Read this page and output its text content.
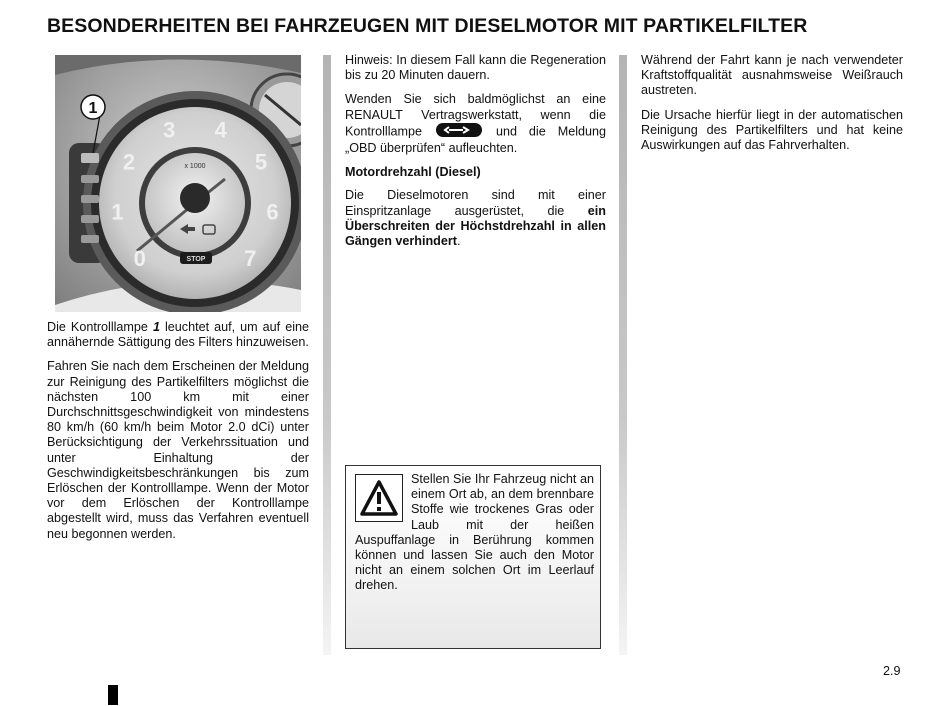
BESONDERHEITEN BEI FAHRZEUGEN MIT DIESELMOTOR MIT PARTIKELFILTER
0
1
2
3 4
5
6
7
x 1000
STOP
1

Die Kontrolllampe 1 leuchtet auf, um auf eine annähernde Sättigung des Filters hinzuweisen.

Fahren Sie nach dem Erscheinen der Meldung zur Reinigung des Partikelfilters möglichst die nächsten 100 km mit einer Durchschnittsgeschwindigkeit von mindestens 80 km/h (60 km/h beim Motor 2.0 dCi) unter Berücksichtigung der Verkehrssituation und unter Einhaltung der Geschwindigkeitsbeschränkungen bis zum Erlöschen der Kontrolllampe. Wenn der Motor vor dem Erlöschen der Kontrolllampe abgestellt wird, muss das Verfahren eventuell neu begonnen werden.

Hinweis: In diesem Fall kann die Regeneration bis zu 20 Minuten dauern.

Wenden Sie sich baldmöglichst an eine RENAULT Vertragswerkstatt, wenn die Kontrolllampe	und die Meldung „OBD überprüfen“ aufleuchten.

Motordrehzahl (Diesel)

Die Dieselmotoren sind mit einer Einspritzanlage ausgerüstet, die ein Überschreiten der Höchstdrehzahl in allen Gängen verhindert.

Stellen Sie Ihr Fahrzeug nicht an einem Ort ab, an dem brennbare Stoffe wie trockenes Gras oder Laub mit der heißen Auspuffanlage in Berührung kommen können und lassen Sie auch den Motor nicht an einem solchen Ort im Leerlauf drehen.

Während der Fahrt kann je nach verwendeter Kraftstoffqualität ausnahmsweise Weißrauch austreten.

Die Ursache hierfür liegt in der automatischen Reinigung des Partikelfilters und hat keine Auswirkungen auf das Fahrverhalten.

2.9
